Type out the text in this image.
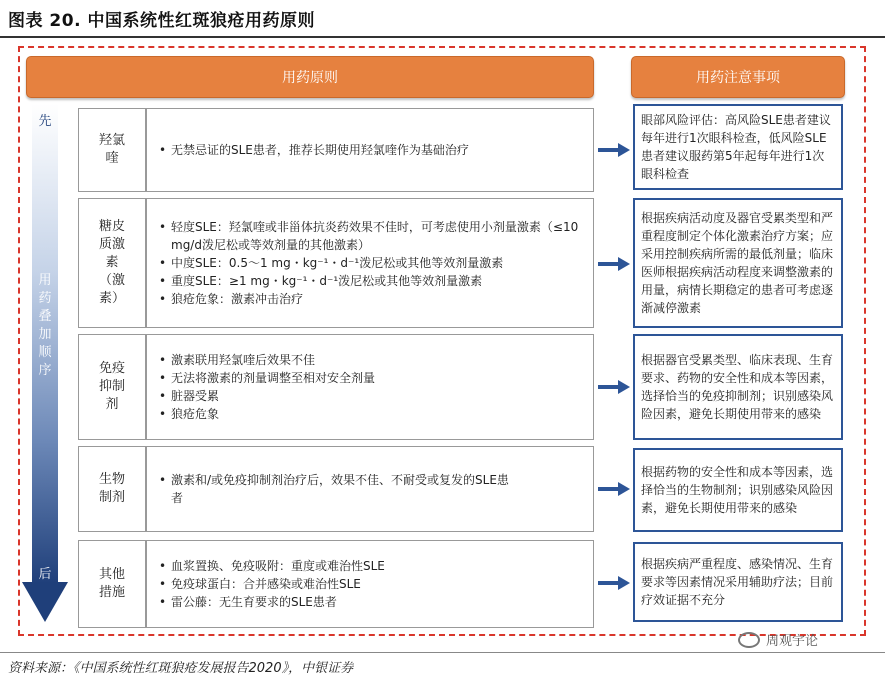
图表 20. 中国系统性红斑狼疮用药原则
用药原则	用药注意事项
先
用
药
叠
加
顺
序
后
羟氯喹
• 无禁忌证的SLE患者，推荐长期使用羟氯喹作为基础治疗
眼部风险评估：高风险SLE患者建议每年进行1次眼科检查，低风险SLE患者建议服药第5年起每年进行1次眼科检查
糖皮质激素（激素）
• 轻度SLE：羟氯喹或非甾体抗炎药效果不佳时，可考虑使用小剂量激素（≤10 mg/d泼尼松或等效剂量的其他激素）
• 中度SLE：0.5～1 mg・kg⁻¹・d⁻¹泼尼松或其他等效剂量激素
• 重度SLE：≥1 mg・kg⁻¹・d⁻¹泼尼松或其他等效剂量激素
• 狼疮危象：激素冲击治疗
根据疾病活动度及器官受累类型和严重程度制定个体化激素治疗方案；应采用控制疾病所需的最低剂量；临床医师根据疾病活动程度来调整激素的用量，病情长期稳定的患者可考虑逐渐减停激素
免疫抑制剂
• 激素联用羟氯喹后效果不佳
• 无法将激素的剂量调整至相对安全剂量
• 脏器受累
• 狼疮危象
根据器官受累类型、临床表现、生育要求、药物的安全性和成本等因素，选择恰当的免疫抑制剂；识别感染风险因素，避免长期使用带来的感染
生物制剂
• 激素和/或免疫抑制剂治疗后，效果不佳、不耐受或复发的SLE患者
根据药物的安全性和成本等因素，选择恰当的生物制剂；识别感染风险因素，避免长期使用带来的感染
其他措施
• 血浆置换、免疫吸附：重度或难治性SLE
• 免疫球蛋白：合并感染或难治性SLE
• 雷公藤：无生育要求的SLE患者
根据疾病严重程度、感染情况、生育要求等因素情况采用辅助疗法；目前疗效证据不充分
周观宇论
资料来源：《中国系统性红斑狼疮发展报告2020》，中银证券
